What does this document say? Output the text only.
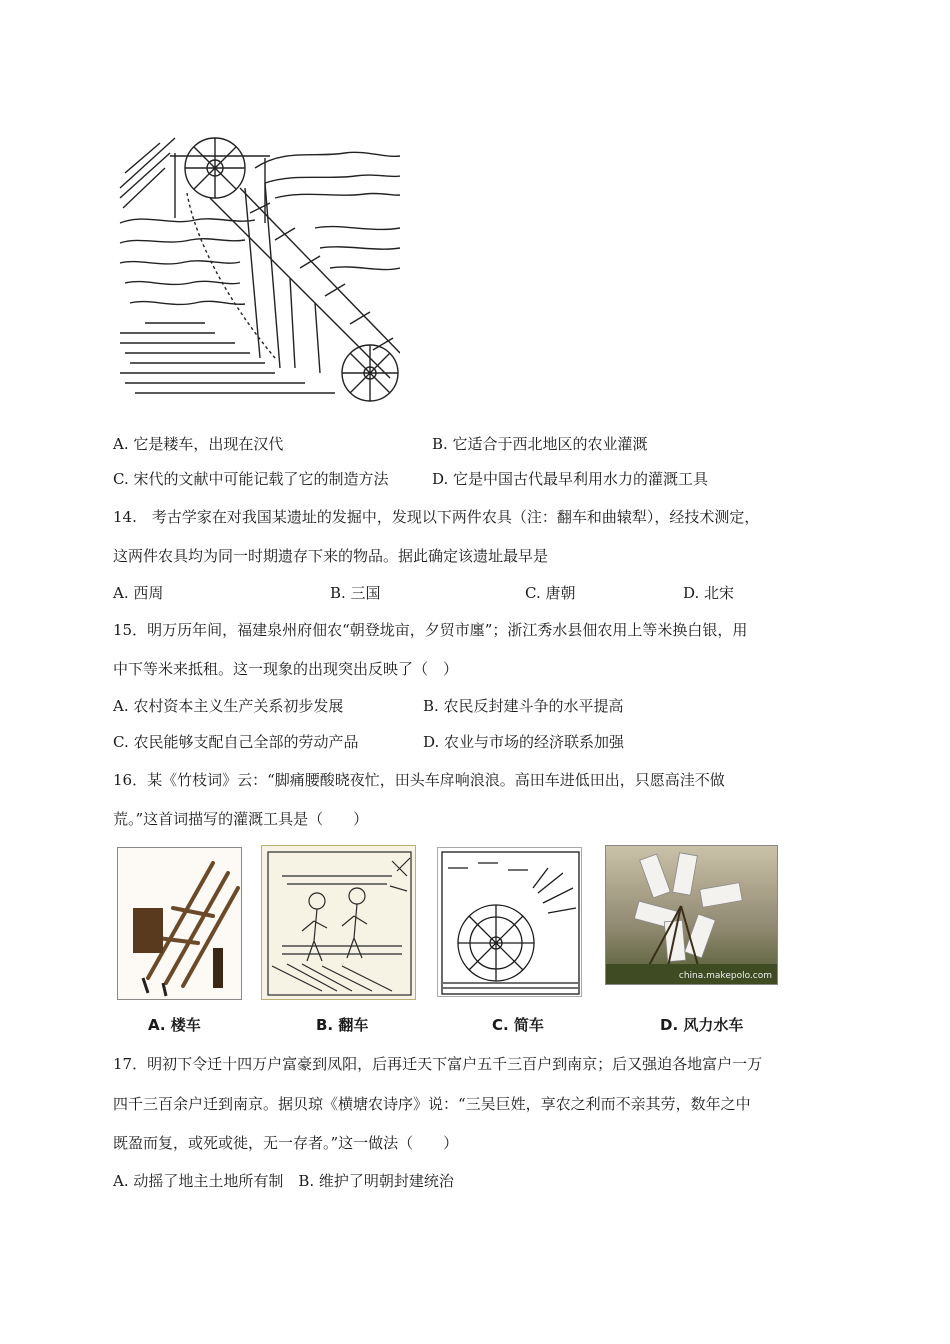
A. 它是耧车，出现在汉代	B. 它适合于西北地区的农业灌溉
C. 宋代的文献中可能记载了它的制造方法	D. 它是中国古代最早利用水力的灌溉工具
14.　考古学家在对我国某遗址的发掘中，发现以下两件农具（注：翻车和曲辕犁），经技术测定，
这两件农具均为同一时期遗存下来的物品。据此确定该遗址最早是
A. 西周	B. 三国	C. 唐朝	D. 北宋
15．明万历年间，福建泉州府佃农“朝登垅亩，夕贸市廛”；浙江秀水县佃农用上等米换白银，用
中下等米来抵租。这一现象的出现突出反映了（　）
A. 农村资本主义生产关系初步发展	B. 农民反封建斗争的水平提高
C. 农民能够支配自己全部的劳动产品	D. 农业与市场的经济联系加强
16．某《竹枝词》云：“脚痛腰酸晓夜忙，田头车戽响浪浪。高田车进低田出，只愿高洼不做
荒。”这首词描写的灌溉工具是（　　）
china.makepolo.com
A. 楼车	B. 翻车	C. 简车	D. 风力水车
17．明初下令迁十四万户富豪到凤阳，后再迁天下富户五千三百户到南京；后又强迫各地富户一万
四千三百余户迁到南京。据贝琼《横塘农诗序》说：“三吴巨姓，享农之利而不亲其劳，数年之中
既盈而复，或死或徙，无一存者。”这一做法（　　）
A. 动摇了地主土地所有制　B. 维护了明朝封建统治
